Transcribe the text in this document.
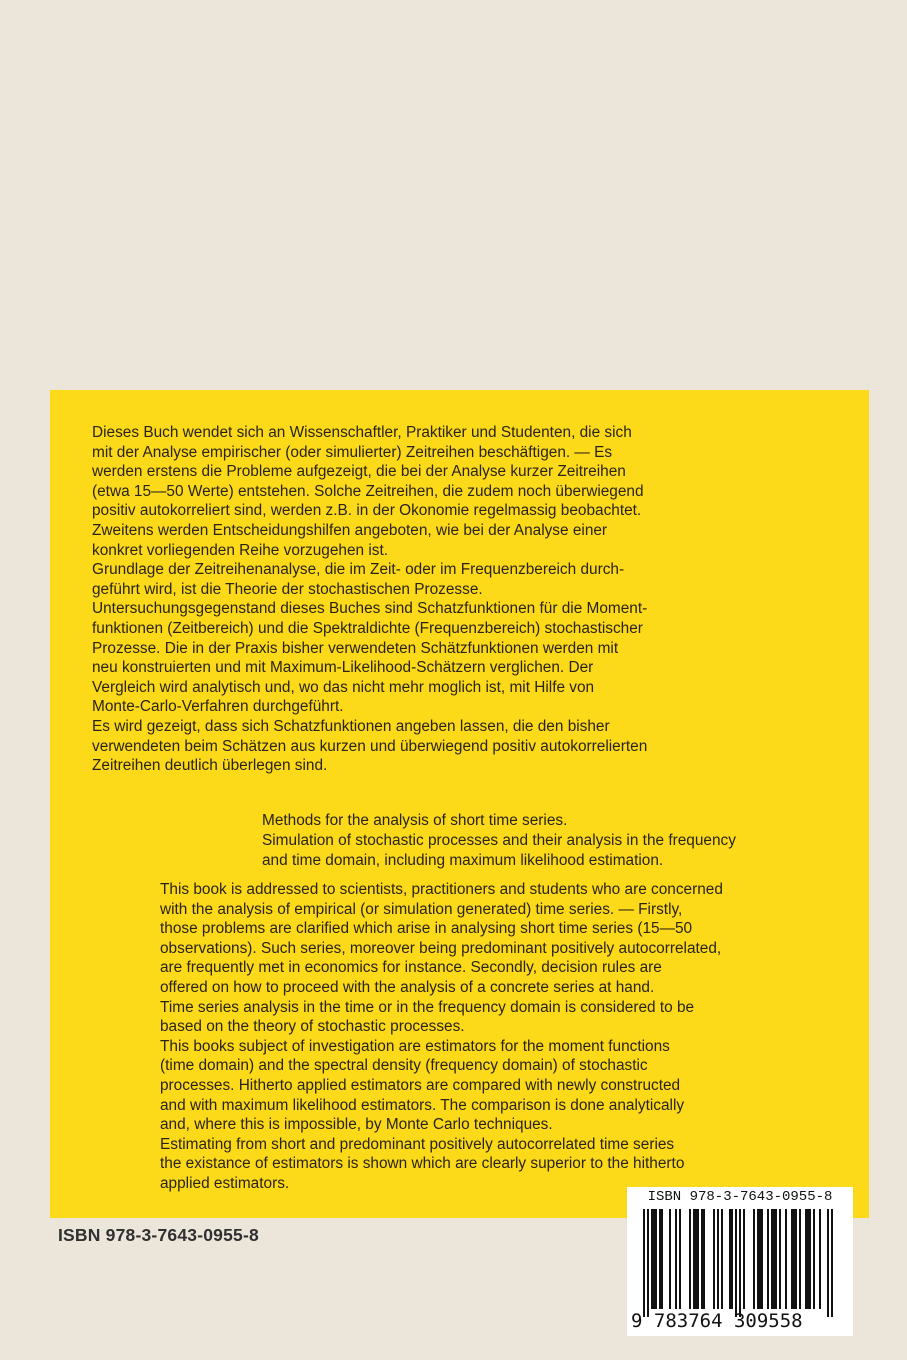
Dieses Buch wendet sich an Wissenschaftler, Praktiker und Studenten, die sich
mit der Analyse empirischer (oder simulierter) Zeitreihen beschäftigen. — Es
werden erstens die Probleme aufgezeigt, die bei der Analyse kurzer Zeitreihen
(etwa 15—50 Werte) entstehen. Solche Zeitreihen, die zudem noch überwiegend
positiv autokorreliert sind, werden z.B. in der Okonomie regelmassig beobachtet.
Zweitens werden Entscheidungshilfen angeboten, wie bei der Analyse einer
konkret vorliegenden Reihe vorzugehen ist.
Grundlage der Zeitreihenanalyse, die im Zeit- oder im Frequenzbereich durch-
geführt wird, ist die Theorie der stochastischen Prozesse.
Untersuchungsgegenstand dieses Buches sind Schatzfunktionen für die Moment-
funktionen (Zeitbereich) und die Spektraldichte (Frequenzbereich) stochastischer
Prozesse. Die in der Praxis bisher verwendeten Schätzfunktionen werden mit
neu konstruierten und mit Maximum-Likelihood-Schätzern verglichen. Der
Vergleich wird analytisch und, wo das nicht mehr moglich ist, mit Hilfe von
Monte-Carlo-Verfahren durchgeführt.
Es wird gezeigt, dass sich Schatzfunktionen angeben lassen, die den bisher
verwendeten beim Schätzen aus kurzen und überwiegend positiv autokorrelierten
Zeitreihen deutlich überlegen sind.

Methods for the analysis of short time series.
Simulation of stochastic processes and their analysis in the frequency
and time domain, including maximum likelihood estimation.

This book is addressed to scientists, practitioners and students who are concerned
with the analysis of empirical (or simulation generated) time series. — Firstly,
those problems are clarified which arise in analysing short time series (15—50
observations). Such series, moreover being predominant positively autocorrelated,
are frequently met in economics for instance. Secondly, decision rules are
offered on how to proceed with the analysis of a concrete series at hand.
Time series analysis in the time or in the frequency domain is considered to be
based on the theory of stochastic processes.
This books subject of investigation are estimators for the moment functions
(time domain) and the spectral density (frequency domain) of stochastic
processes. Hitherto applied estimators are compared with newly constructed
and with maximum likelihood estimators. The comparison is done analytically
and, where this is impossible, by Monte Carlo techniques.
Estimating from short and predominant positively autocorrelated time series
the existance of estimators is shown which are clearly superior to the hitherto
applied estimators.

ISBN 978-3-7643-0955-8

ISBN 978-3-7643-0955-8
9 783764 309558
